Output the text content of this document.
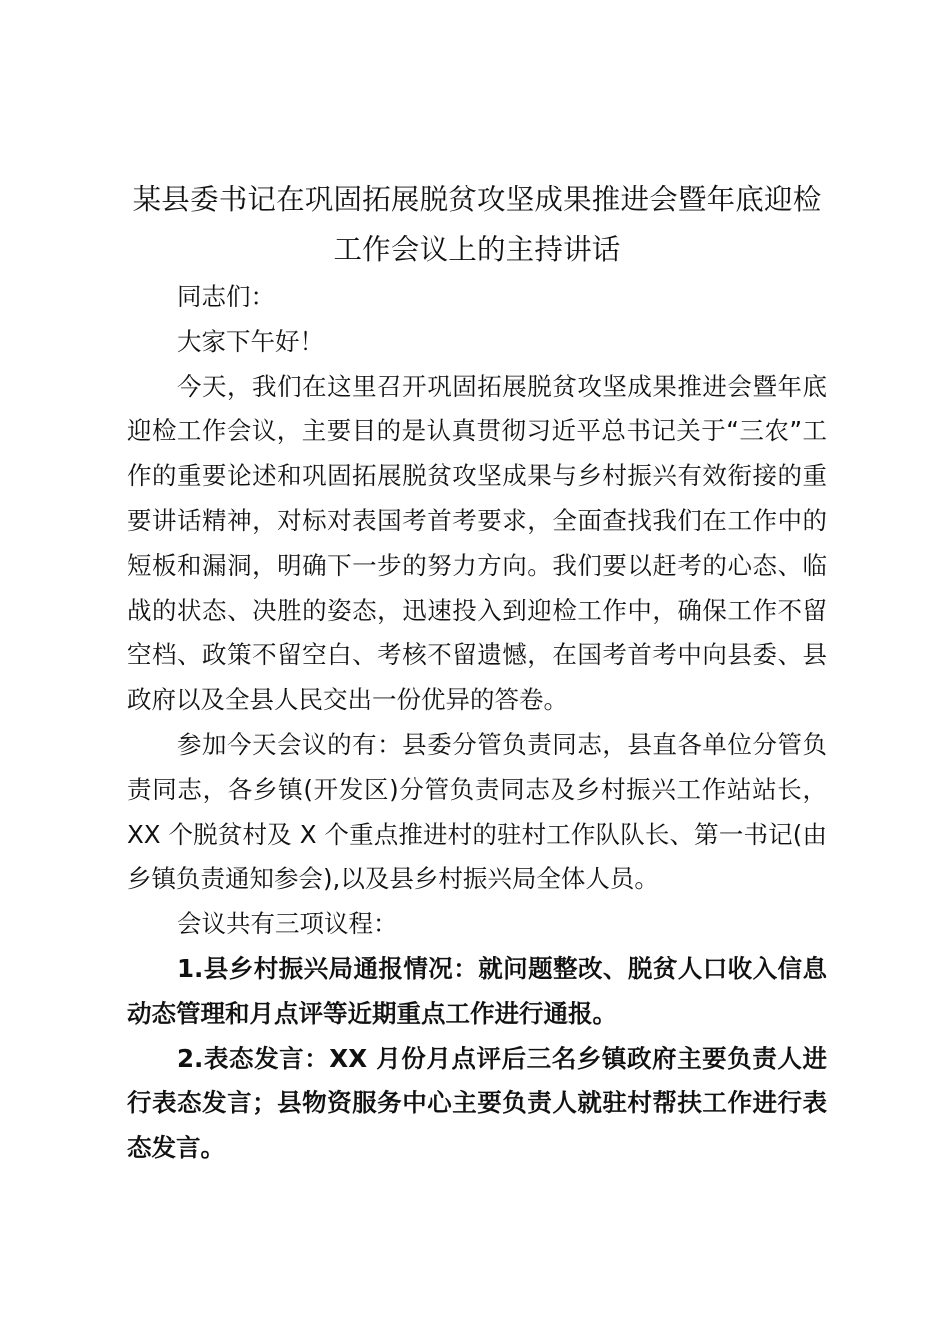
某县委书记在巩固拓展脱贫攻坚成果推进会暨年底迎检
工作会议上的主持讲话

同志们：

大家下午好！

今天，我们在这里召开巩固拓展脱贫攻坚成果推进会暨年底迎检工作会议，主要目的是认真贯彻习近平总书记关于“三农”工作的重要论述和巩固拓展脱贫攻坚成果与乡村振兴有效衔接的重要讲话精神，对标对表国考首考要求，全面查找我们在工作中的短板和漏洞，明确下一步的努力方向。我们要以赶考的心态、临战的状态、决胜的姿态，迅速投入到迎检工作中，确保工作不留空档、政策不留空白、考核不留遗憾，在国考首考中向县委、县政府以及全县人民交出一份优异的答卷。

参加今天会议的有：县委分管负责同志，县直各单位分管负责同志，各乡镇(开发区)分管负责同志及乡村振兴工作站站长，XX 个脱贫村及 X 个重点推进村的驻村工作队队长、第一书记(由乡镇负责通知参会),以及县乡村振兴局全体人员。

会议共有三项议程：

1.县乡村振兴局通报情况：就问题整改、脱贫人口收入信息动态管理和月点评等近期重点工作进行通报。

2.表态发言：XX 月份月点评后三名乡镇政府主要负责人进行表态发言；县物资服务中心主要负责人就驻村帮扶工作进行表态发言。
